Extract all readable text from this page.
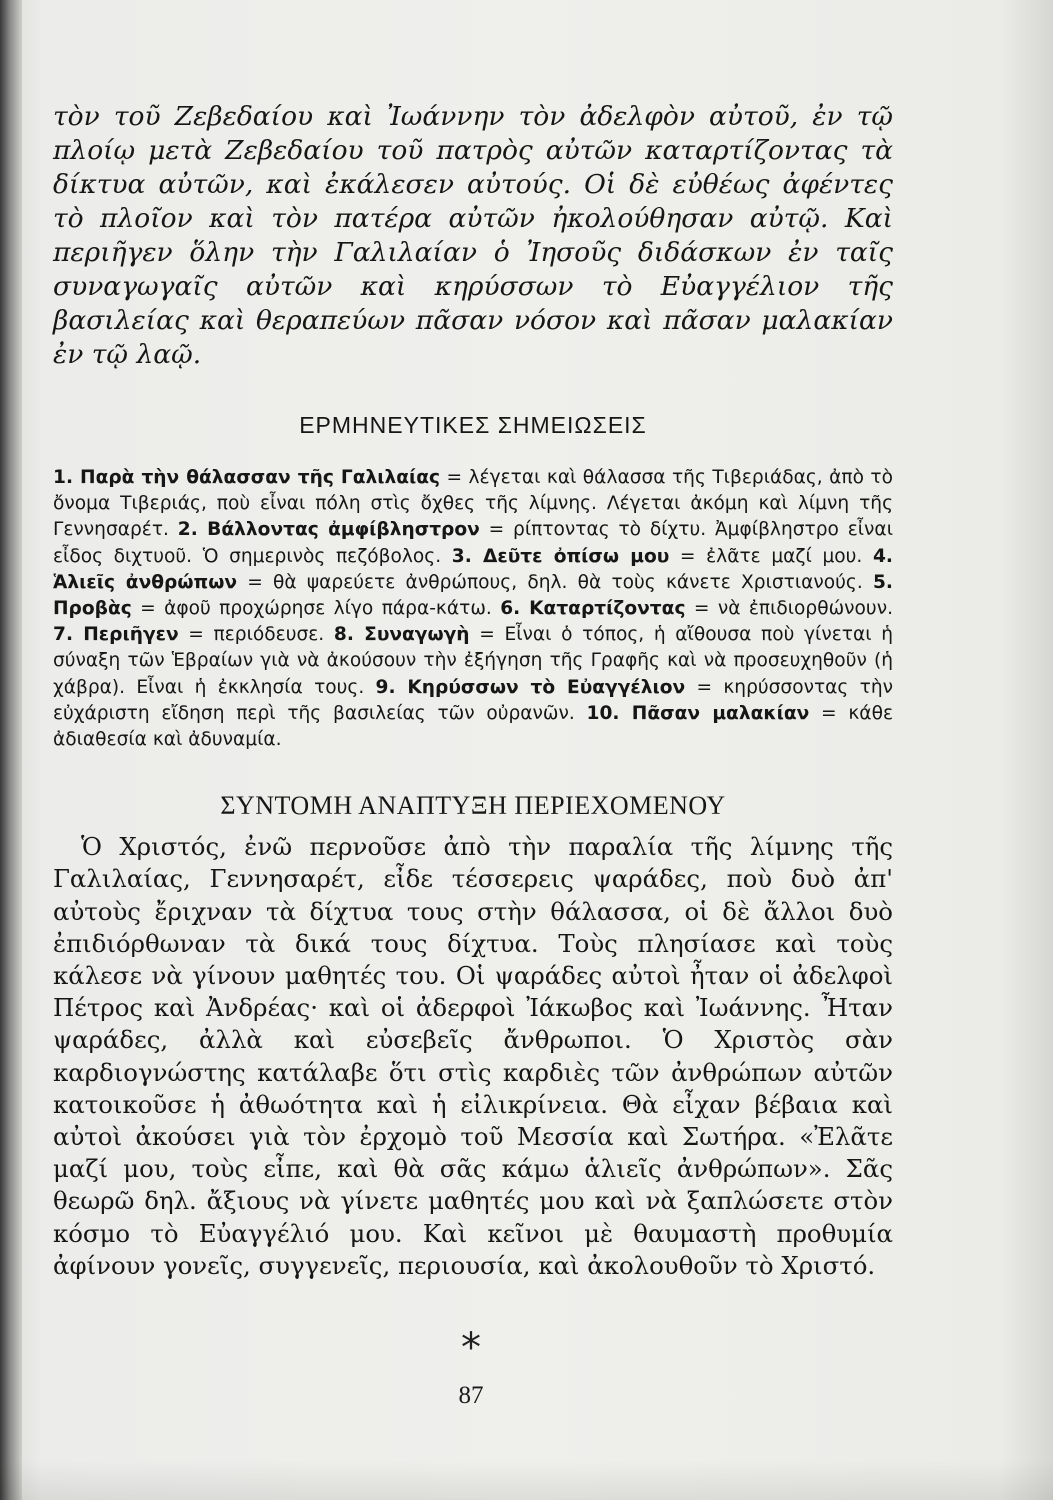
τὸν τοῦ Ζεβεδαίου καὶ Ἰωάννην τὸν ἀδελφὸν αὐτοῦ, ἐν τῷ πλοίῳ μετὰ Ζεβεδαίου τοῦ πατρὸς αὐτῶν καταρτίζοντας τὰ δίκτυα αὐτῶν, καὶ ἐκάλεσεν αὐτούς. Οἱ δὲ εὐθέως ἀφέντες τὸ πλοῖον καὶ τὸν πατέρα αὐτῶν ἠκολούθησαν αὐτῷ. Καὶ περιῆγεν ὅλην τὴν Γαλιλαίαν ὁ Ἰησοῦς διδάσκων ἐν ταῖς συναγωγαῖς αὐτῶν καὶ κηρύσσων τὸ Εὐαγγέλιον τῆς βασιλείας καὶ θεραπεύων πᾶσαν νόσον καὶ πᾶσαν μαλακίαν ἐν τῷ λαῷ.

ΕΡΜΗΝΕΥΤΙΚΕΣ ΣΗΜΕΙΩΣΕΙΣ

1. Παρὰ τὴν θάλασσαν τῆς Γαλιλαίας = λέγεται καὶ θάλασσα τῆς Τιβεριάδας, ἀπὸ τὸ ὄνομα Τιβεριάς, ποὺ εἶναι πόλη στὶς ὄχθες τῆς λίμνης. Λέγεται ἀκόμη καὶ λίμνη τῆς Γεννησαρέτ. 2. Βάλλοντας ἀμφίβληστρον = ρίπτοντας τὸ δίχτυ. Ἀμφίβληστρο εἶναι εἶδος διχτυοῦ. Ὁ σημερινὸς πεζόβολος. 3. Δεῦτε ὀπίσω μου = ἐλᾶτε μαζί μου. 4. Ἁλιεῖς ἀνθρώπων = θὰ ψαρεύετε ἀνθρώπους, δηλ. θὰ τοὺς κάνετε Χριστιανούς. 5. Προβὰς = ἀφοῦ προχώρησε λίγο πάρα-κάτω. 6. Καταρτίζοντας = νὰ ἐπιδιορθώνουν. 7. Περιῆγεν = περιόδευσε. 8. Συναγωγὴ = Εἶναι ὁ τόπος, ἡ αἴθουσα ποὺ γίνεται ἡ σύναξη τῶν Ἑβραίων γιὰ νὰ ἀκούσουν τὴν ἐξήγηση τῆς Γραφῆς καὶ νὰ προσευχηθοῦν (ἡ χάβρα). Εἶναι ἡ ἐκκλησία τους. 9. Κηρύσσων τὸ Εὐαγγέλιον = κηρύσσοντας τὴν εὐχάριστη εἴδηση περὶ τῆς βασιλείας τῶν οὐρανῶν. 10. Πᾶσαν μαλακίαν = κάθε ἀδιαθεσία καὶ ἀδυναμία.

ΣΥΝΤΟΜΗ ΑΝΑΠΤΥΞΗ ΠΕΡΙΕΧΟΜΕΝΟΥ

Ὁ Χριστός, ἐνῶ περνοῦσε ἀπὸ τὴν παραλία τῆς λίμνης τῆς Γαλιλαίας, Γεννησαρέτ, εἶδε τέσσερεις ψαράδες, ποὺ δυὸ ἀπ' αὐτοὺς ἔριχναν τὰ δίχτυα τους στὴν θάλασσα, οἱ δὲ ἄλλοι δυὸ ἐπιδιόρθωναν τὰ δικά τους δίχτυα. Τοὺς πλησίασε καὶ τοὺς κάλεσε νὰ γίνουν μαθητές του. Οἱ ψαράδες αὐτοὶ ἦταν οἱ ἀδελφοὶ Πέτρος καὶ Ἀνδρέας· καὶ οἱ ἀδερφοὶ Ἰάκωβος καὶ Ἰωάννης. Ἦταν ψαράδες, ἀλλὰ καὶ εὐσεβεῖς ἄνθρωποι. Ὁ Χριστὸς σὰν καρδιογνώστης κατάλαβε ὅτι στὶς καρδιὲς τῶν ἀνθρώπων αὐτῶν κατοικοῦσε ἡ ἀθωότητα καὶ ἡ εἰλικρίνεια. Θὰ εἶχαν βέβαια καὶ αὐτοὶ ἀκούσει γιὰ τὸν ἐρχομὸ τοῦ Μεσσία καὶ Σωτήρα. «Ἐλᾶτε μαζί μου, τοὺς εἶπε, καὶ θὰ σᾶς κάμω ἁλιεῖς ἀνθρώπων». Σᾶς θεωρῶ δηλ. ἄξιους νὰ γίνετε μαθητές μου καὶ νὰ ξαπλώσετε στὸν κόσμο τὸ Εὐαγγέλιό μου. Καὶ κεῖνοι μὲ θαυμαστὴ προθυμία ἀφίνουν γονεῖς, συγγενεῖς, περιουσία, καὶ ἀκολουθοῦν τὸ Χριστό.

*
87
